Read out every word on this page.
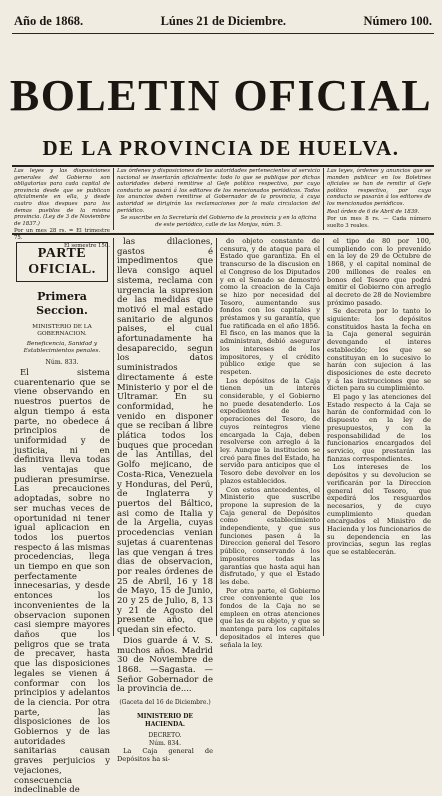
Año de 1868.	Lúnes 21 de Diciembre.	Número 100.
BOLETIN OFICIAL
DE LA PROVINCIA DE HUELVA.
Las leyes y las disposiciones generales del Gobierno son obligatorias para cada capital de provincia desde que se publican oficialmente en ella, y desde cuatro dias despues para los demas pueblos de la misma provincia. (Ley de 3 de Noviembre de 1837.)
Por un mes 28 rs. = El trimestre 75.
El semestre 150.
Las órdenes y disposiciones de las autoridades pertenecientes al servicio nacional se insertarán oficialmente: todo lo que se publique por dichas autoridades deberá remitirse al Gefe político respectivo, por cuyo conducto se pasará á los editores de los mencionados periódicos. Todos los anuncios deben remitirse al Gobernador de la provincia, á cuya autoridad se dirigirán las reclamaciones por la mala circulacion del periódico.
Se suscribe en la Secretaría del Gobierno de la provincia y en la oficina de este periódico, calle de las Monjas, núm. 5.
Las leyes, órdenes y anuncios que se manden publicar en los Boletines oficiales se han de remitir al Gefe político respectivo, por cuyo conducto se pasarán á los editores de los mencionados periódicos.
Real órden de 6 de Abril de 1839.
Por un mes 8 rs. — Cada número suelto 3 reales.
PARTE OFICIAL.
Primera Seccion.
MINISTERIO DE LA GOBERNACION.
Beneficencia, Sanidad y Establecimientos penales.
Núm. 833.

El sistema cuarentenario que se viene observando en nuestros puertos de algun tiempo á esta parte, no obedece á principios de uniformidad y de justicia, ni en definitiva lleva todas las ventajas que pudieran presumirse. Las precauciones adoptadas, sobre no ser muchas veces de oportunidad ni tener igual aplicacion en todos los puertos respecto á las mismas procedencias, llega un tiempo en que son perfectamente innecesarias, y desde entonces los inconvenientes de la observacion suponen casi siempre mayores daños que los peligros que se trata de precaver, hasta que las disposiciones legales se vienen á conformar con los principios y adelantos de la ciencia. Por otra parte, las disposiciones de los Gobiernos y de las autoridades sanitarias causan graves perjuicios y vejaciones, consecuencia indeclinable de

las dilaciones, gastos é impedimentos que lleva consigo aquel sistema, reclama con urgencia la supresion de las medidas que motivó el mal estado sanitario de algunos paises, el cual afortunadamente ha desaparecido, segun los datos suministrados directamente á este Ministerio y por el de Ultramar. En su conformidad, he venido en disponer que se reciban á libre plática todos los buques que procedan de las Antillas, del Golfo mejicano, de Costa-Rica, Venezuela y Honduras, del Perú, de Inglaterra y puertos del Báltico, asi como de Italia y de la Argelia, cuyas procedencias venian sujetas á cuarentenas las que vengan á tres dias de observacion, por reales órdenes de 25 de Abril, 16 y 18 de Mayo, 15 de Junio, 20 y 25 de Julio, 8, 13 y 21 de Agosto del presente año, que quedan sin efecto.

Dios guarde á V. S. muchos años. Madrid 30 de Noviembre de 1868. —Sagasta. —Señor Gobernador de la provincia de....

(Gaceta del 16 de Diciembre.)
MINISTERIO DE HACIENDA.
DECRETO.
Núm. 834.

La Caja general de Depósitos ha si-

do objeto constante de censura, y de ataque para el Estado que garantiza. En el transcurso de la discusion en el Congreso de los Diputados y en el Senado se demostró como la creacion de la Caja se hizo por necesidad del Tesoro, aumentando sus fondos con los capitales y préstamos y su garantía, que fue ratificada en el año 1856. El fisco, en las manos que la administran, debió asegurar los intereses de los impositores, y el crédito público exige que se respeten.

Los depósitos de la Caja tienen un interes considerable, y el Gobierno no puede desatenderlo. Los expedientes de las operaciones del Tesoro, de cuyos reintegros viene encargada la Caja, deben resolverse con arreglo á la ley. Aunque la institucion se creó para fines del Estado, ha servido para anticipos que el Tesoro debe devolver en los plazos establecidos.

Con estos antecedentes, el Ministerio que suscribe propone la supresion de la Caja general de Depósitos como establecimiento independiente, y que sus funciones pasen á la Direccion general del Tesoro público, conservando á los impositores todas las garantías que hasta aqui han disfrutado, y que el Estado les debe.

Por otra parte, el Gobierno cree conveniente que los fondos de la Caja no se empleen en otras atenciones que las de su objeto, y que se mantenga para los capitales depositados el interes que señala la ley.

el tipo de 80 por 100, cumpliendo con lo prevenido en la ley de 29 de Octubre de 1868, y el capital nominal de 200 millones de reales en bonos del Tesoro que podrá emitir el Gobierno con arreglo al decreto de 28 de Noviembre próximo pasado.

Se decreta por lo tanto lo siguiente: los depósitos constituidos hasta la fecha en la Caja general seguirán devengando el interes establecido; los que se constituyan en lo sucesivo lo harán con sujecion á las disposiciones de este decreto y á las instrucciones que se dicten para su cumplimiento.

El pago y las atenciones del Estado respecto á la Caja se harán de conformidad con lo dispuesto en la ley de presupuestos, y con la responsabilidad de los funcionarios encargados del servicio, que prestarán las fianzas correspondientes.

Los intereses de los depósitos y su devolucion se verificarán por la Direccion general del Tesoro, que expedirá los resguardos necesarios, y de cuyo cumplimiento quedan encargados el Ministro de Hacienda y los funcionarios de su dependencia en las provincias, segun las reglas que se establecerán.
